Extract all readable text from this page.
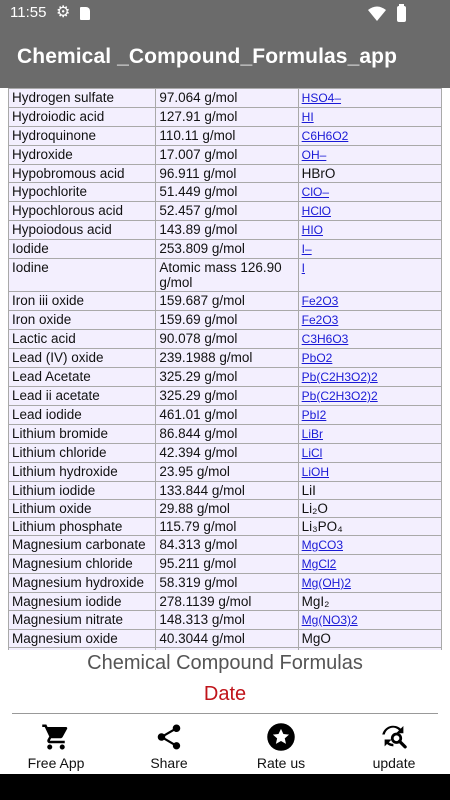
11:55 ⚙
Chemical _Compound_Formulas_app
Hydrogen sulfate	97.064 g/mol	HSO4–
Hydroiodic acid	127.91 g/mol	HI
Hydroquinone	110.11 g/mol	C6H6O2
Hydroxide	17.007 g/mol	OH–
Hypobromous acid	96.911 g/mol	HBrO
Hypochlorite	51.449 g/mol	ClO–
Hypochlorous acid	52.457 g/mol	HClO
Hypoiodous acid	143.89 g/mol	HIO
Iodide	253.809 g/mol	I–
Iodine	Atomic mass 126.90 g/mol	I
Iron iii oxide	159.687 g/mol	Fe2O3
Iron oxide	159.69 g/mol	Fe2O3
Lactic acid	90.078 g/mol	C3H6O3
Lead (IV) oxide	239.1988 g/mol	PbO2
Lead Acetate	325.29 g/mol	Pb(C2H3O2)2
Lead ii acetate	325.29 g/mol	Pb(C2H3O2)2
Lead iodide	461.01 g/mol	PbI2
Lithium bromide	86.844 g/mol	LiBr
Lithium chloride	42.394 g/mol	LiCl
Lithium hydroxide	23.95 g/mol	LiOH
Lithium iodide	133.844 g/mol	LiI
Lithium oxide	29.88 g/mol	Li₂O
Lithium phosphate	115.79 g/mol	Li₃PO₄
Magnesium carbonate	84.313 g/mol	MgCO3
Magnesium chloride	95.211 g/mol	MgCl2
Magnesium hydroxide	58.319 g/mol	Mg(OH)2
Magnesium iodide	278.1139 g/mol	MgI₂
Magnesium nitrate	148.313 g/mol	Mg(NO3)2
Magnesium oxide	40.3044 g/mol	MgO

Chemical Compound Formulas
Date
Free App	Share	Rate us	update
